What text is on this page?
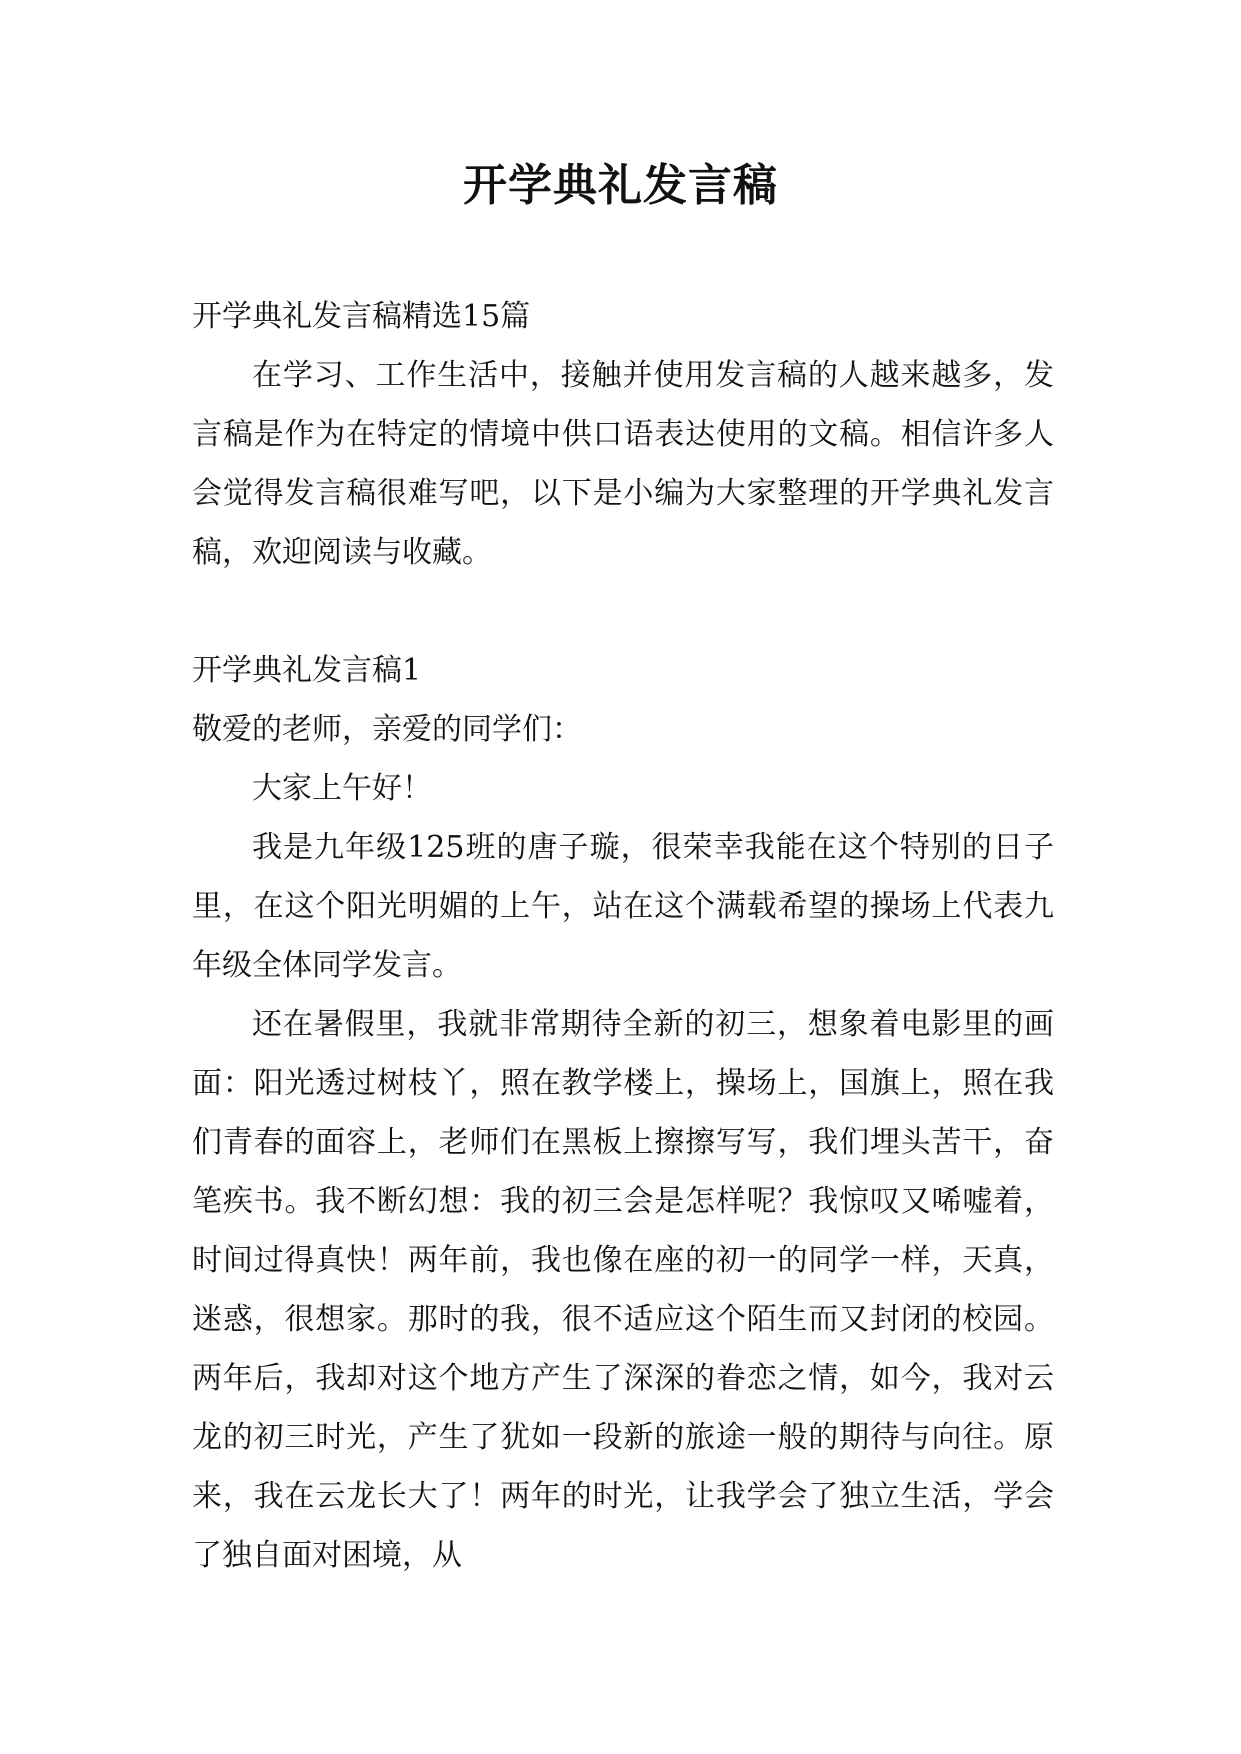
开学典礼发言稿

开学典礼发言稿精选15篇

在学习、工作生活中，接触并使用发言稿的人越来越多，发言稿是作为在特定的情境中供口语表达使用的文稿。相信许多人会觉得发言稿很难写吧，以下是小编为大家整理的开学典礼发言稿，欢迎阅读与收藏。

开学典礼发言稿1

敬爱的老师，亲爱的同学们：

大家上午好！

我是九年级125班的唐子璇，很荣幸我能在这个特别的日子里，在这个阳光明媚的上午，站在这个满载希望的操场上代表九年级全体同学发言。

还在暑假里，我就非常期待全新的初三，想象着电影里的画面：阳光透过树枝丫，照在教学楼上，操场上，国旗上，照在我们青春的面容上，老师们在黑板上擦擦写写，我们埋头苦干，奋笔疾书。我不断幻想：我的初三会是怎样呢？我惊叹又唏嘘着，时间过得真快！两年前，我也像在座的初一的同学一样，天真，迷惑，很想家。那时的我，很不适应这个陌生而又封闭的校园。两年后，我却对这个地方产生了深深的眷恋之情，如今，我对云龙的初三时光，产生了犹如一段新的旅途一般的期待与向往。原来，我在云龙长大了！两年的时光，让我学会了独立生活，学会了独自面对困境，从
